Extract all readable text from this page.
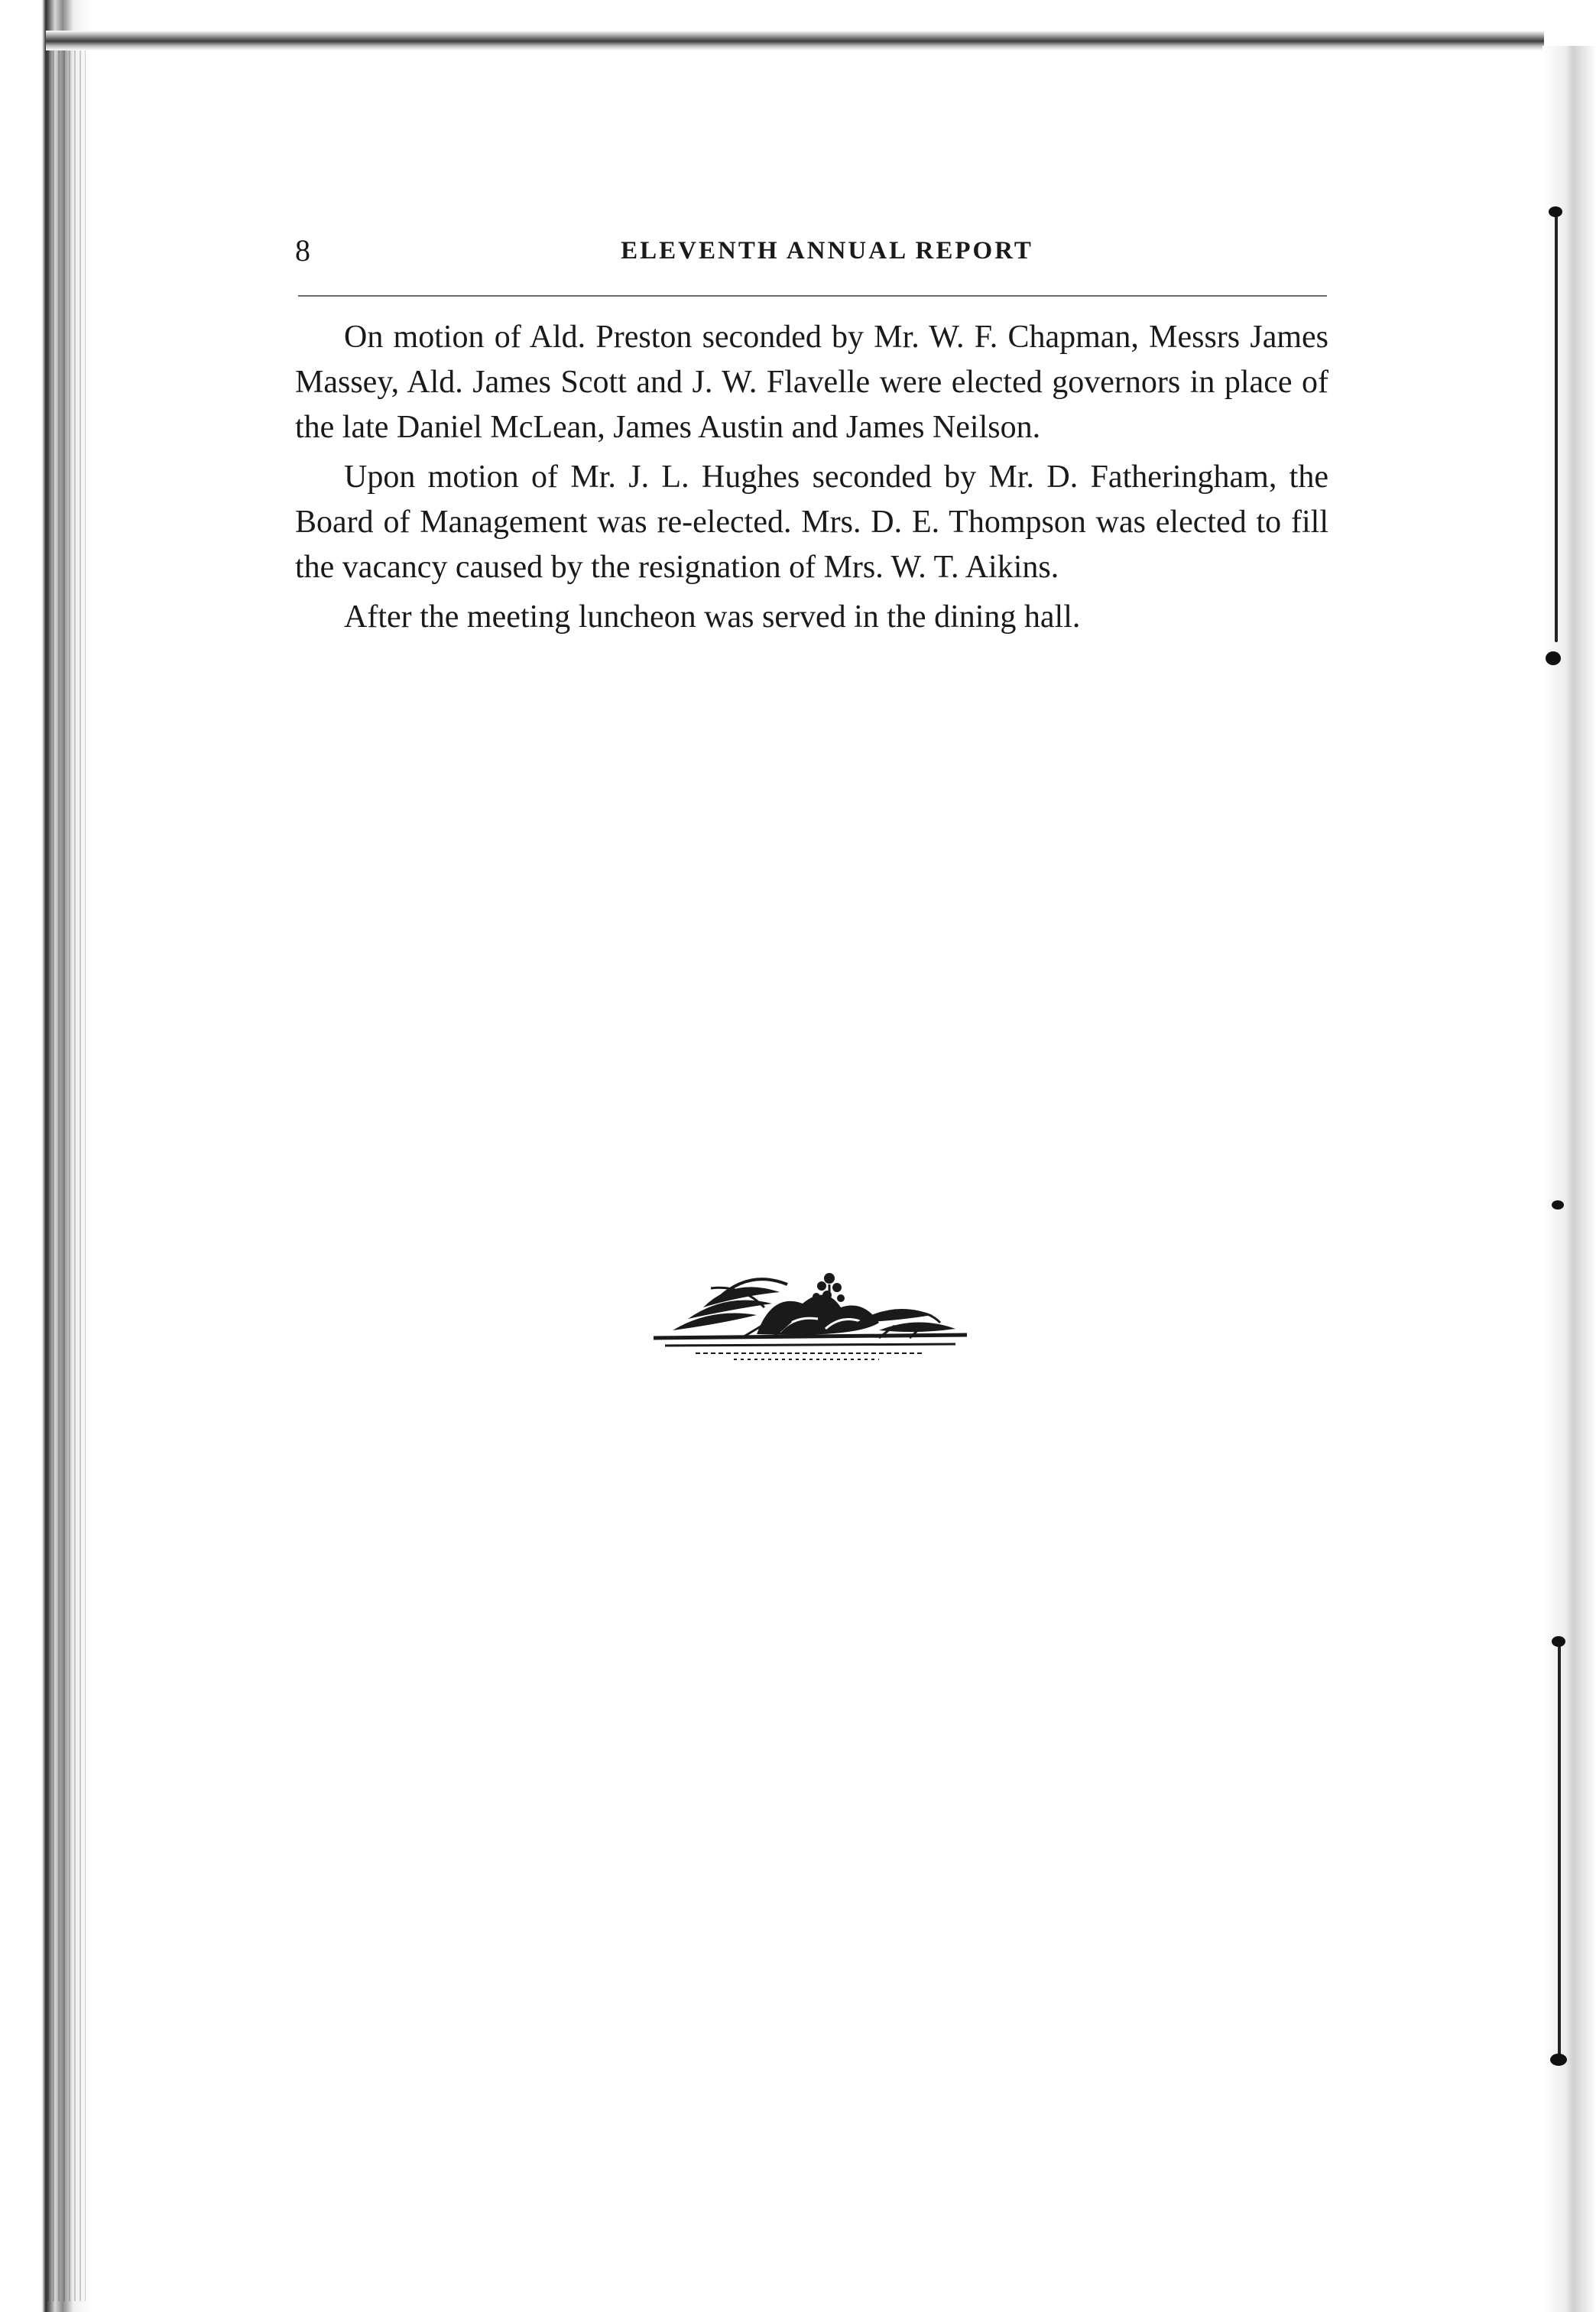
8	ELEVENTH ANNUAL REPORT

On motion of Ald. Preston seconded by Mr. W. F. Chapman, Messrs James Massey, Ald. James Scott and J. W. Flavelle were elected governors in place of the late Daniel McLean, James Austin and James Neilson.

Upon motion of Mr. J. L. Hughes seconded by Mr. D. Fatheringham, the Board of Management was re-elected. Mrs. D. E. Thompson was elected to fill the vacancy caused by the resignation of Mrs. W. T. Aikins.

After the meeting luncheon was served in the dining hall.
